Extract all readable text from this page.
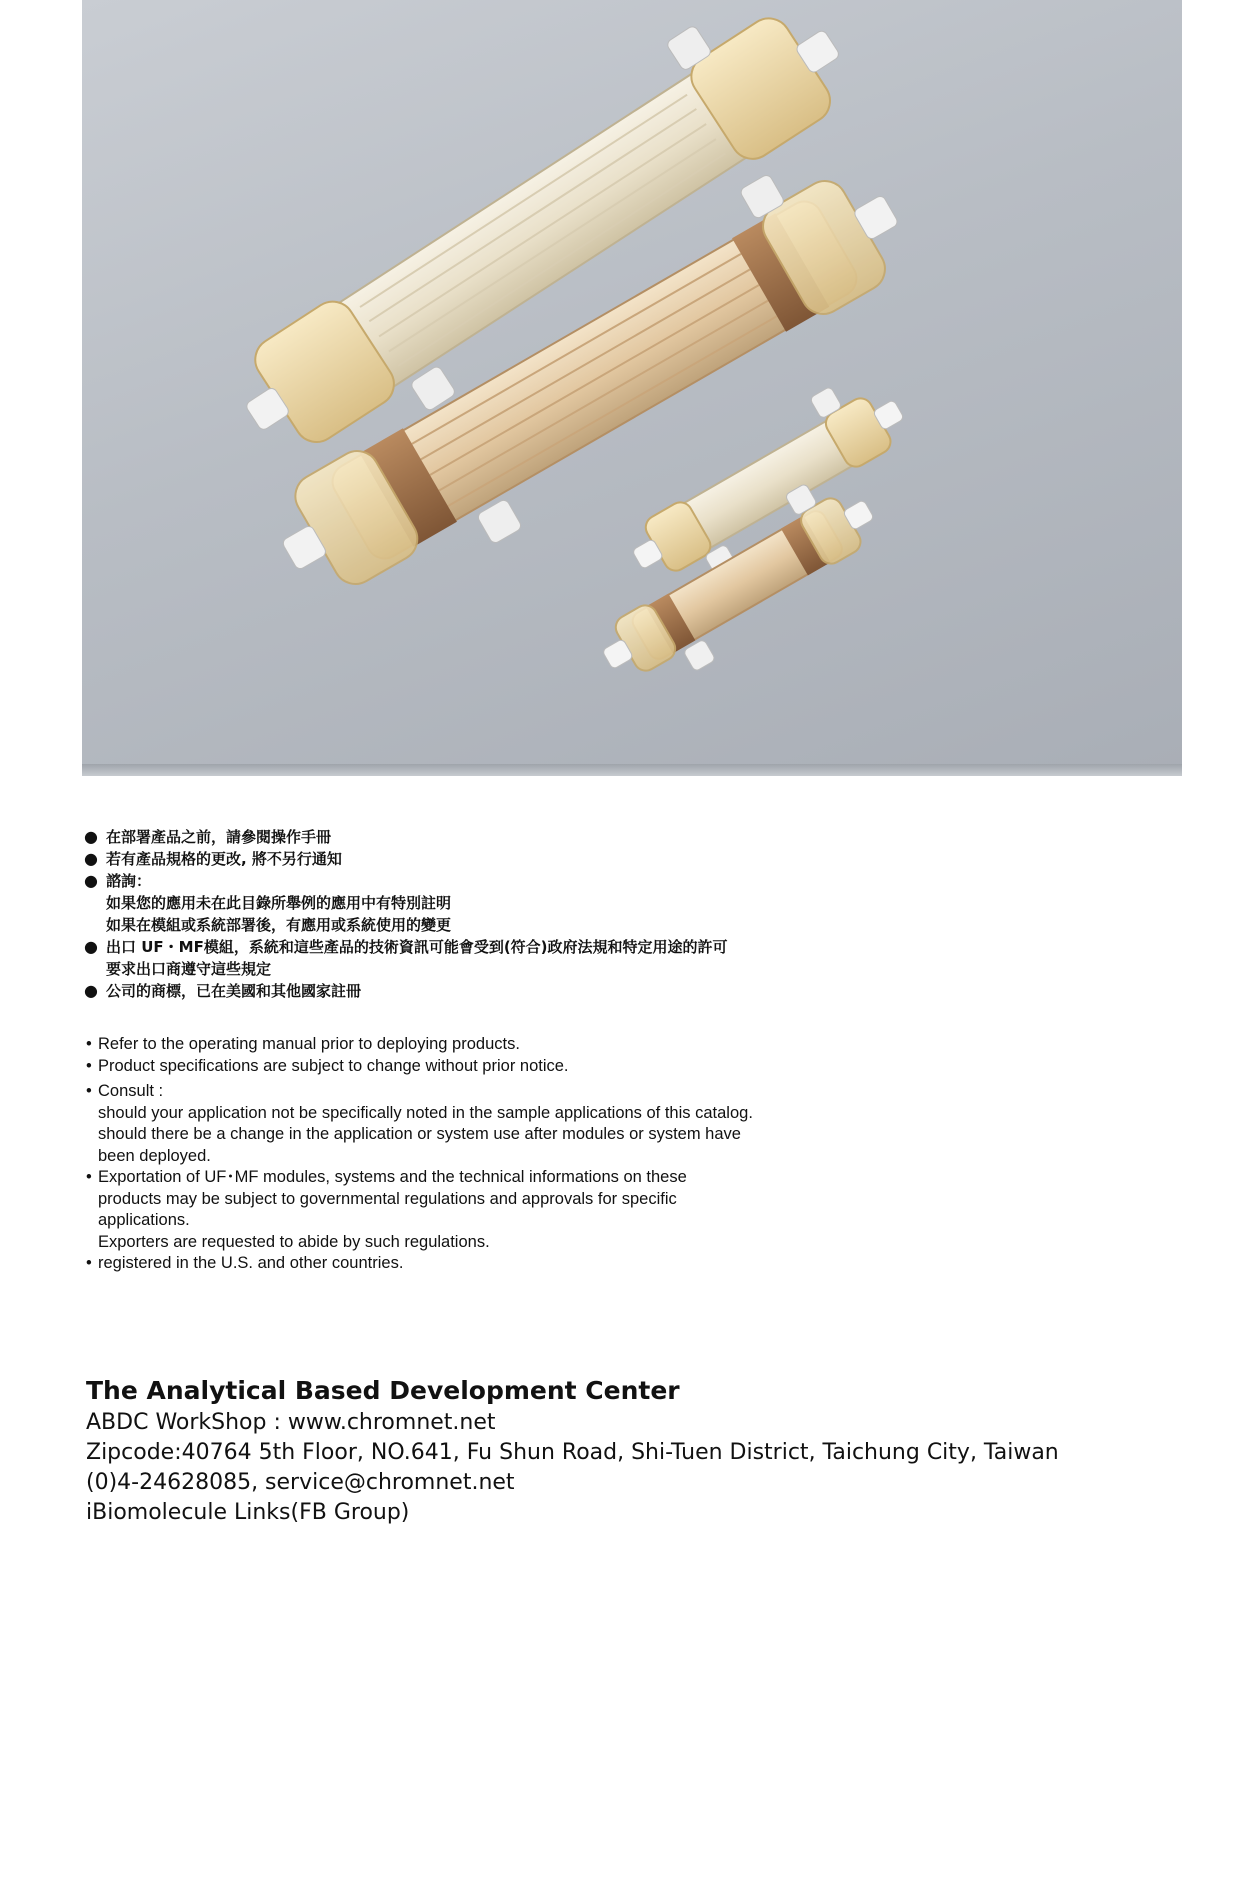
● 在部署產品之前，請參閱操作手冊
● 若有產品規格的更改, 將不另行通知
● 諮詢：
如果您的應用未在此目錄所舉例的應用中有特別註明
如果在模組或系統部署後，有應用或系統使用的變更
● 出口 UF・MF模組，系統和這些產品的技術資訊可能會受到(符合)政府法規和特定用途的許可
要求出口商遵守這些規定
● 公司的商標，已在美國和其他國家註冊
• Refer to the operating manual prior to deploying products.
• Product specifications are subject to change without prior notice.
• Consult :
should your application not be specifically noted in the sample applications of this catalog.
should there be a change in the application or system use after modules or system have
been deployed.
• Exportation of UF･MF modules, systems and the technical informations on these
products may be subject to governmental regulations and approvals for specific
applications.
Exporters are requested to abide by such regulations.
• registered in the U.S. and other countries.
The Analytical Based Development Center
ABDC WorkShop : www.chromnet.net
Zipcode:40764 5th Floor, NO.641, Fu Shun Road, Shi-Tuen District, Taichung City, Taiwan
(0)4-24628085, service@chromnet.net
iBiomolecule Links(FB Group)
